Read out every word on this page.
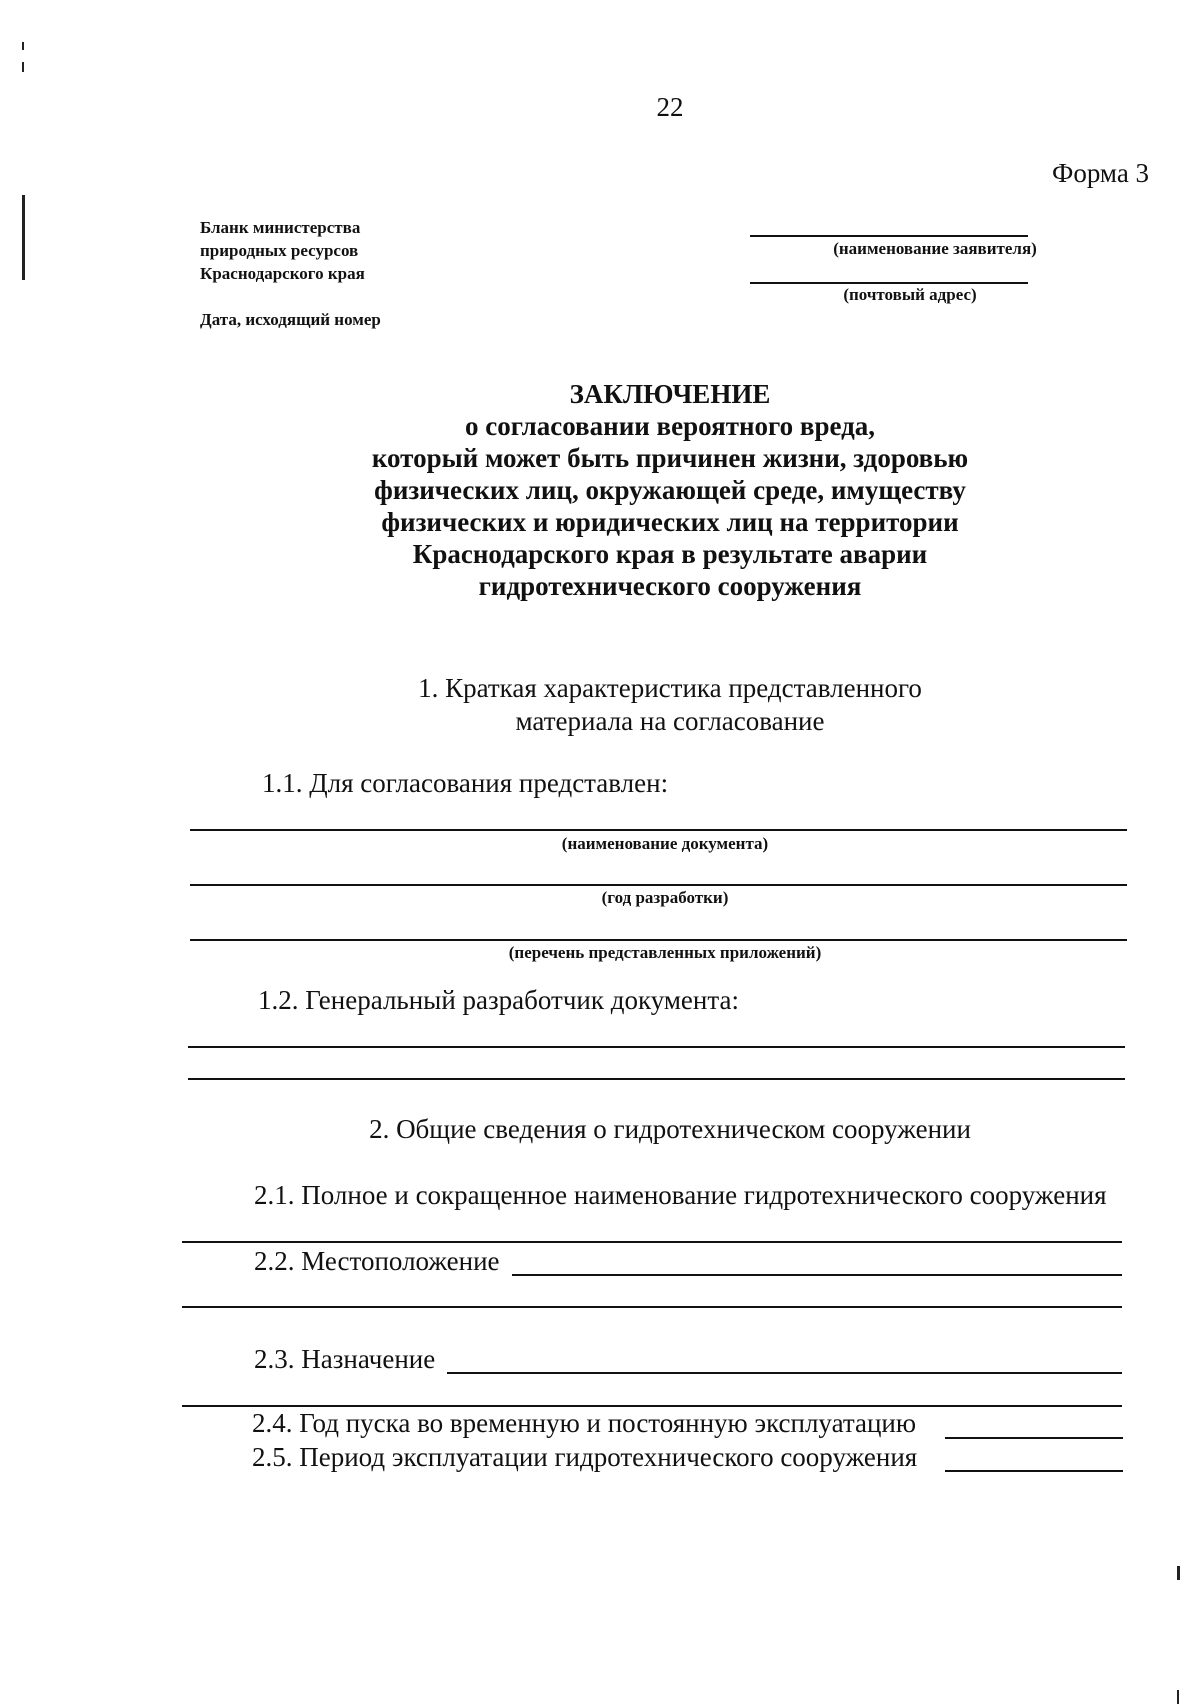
22
Форма 3
Бланк министерства
природных ресурсов
Краснодарского края
Дата, исходящий номер
(наименование заявителя)
(почтовый адрес)
ЗАКЛЮЧЕНИЕ
о согласовании вероятного вреда,
который может быть причинен жизни, здоровью
физических лиц, окружающей среде, имуществу
физических и юридических лиц на территории
Краснодарского края в результате аварии
гидротехнического сооружения
1. Краткая характеристика представленного
материала на согласование
1.1. Для согласования представлен:
(наименование документа)
(год разработки)
(перечень представленных приложений)
1.2. Генеральный разработчик документа:
2. Общие сведения о гидротехническом сооружении
2.1. Полное и сокращенное наименование гидротехнического сооружения
2.2. Местоположение
2.3. Назначение
2.4. Год пуска во временную и постоянную эксплуатацию
2.5. Период эксплуатации гидротехнического сооружения
